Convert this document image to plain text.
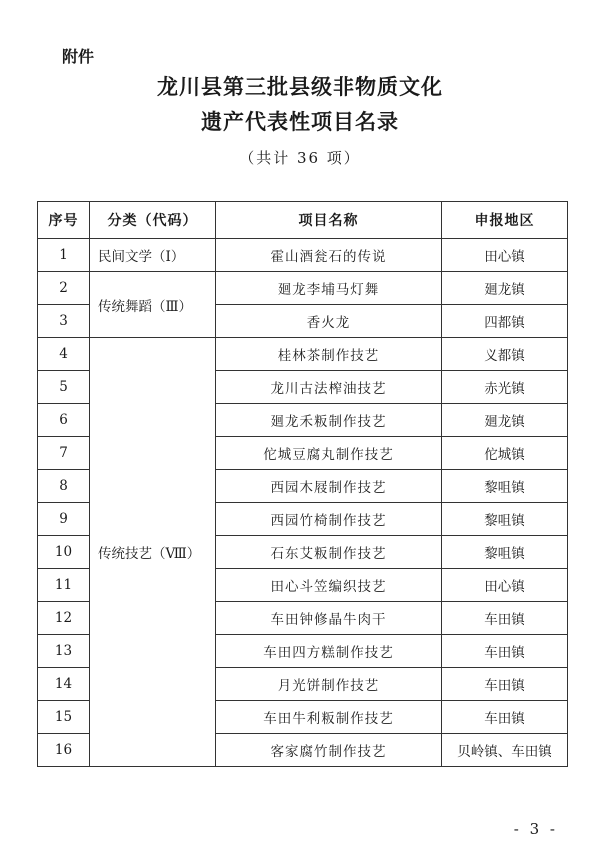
附件
龙川县第三批县级非物质文化
遗产代表性项目名录
（共计 36 项）
序号	分类（代码）	项目名称	申报地区
1	民间文学（Ⅰ）	霍山酒瓮石的传说	田心镇
2	传统舞蹈（Ⅲ）	廻龙李埔马灯舞	廻龙镇
3		香火龙	四都镇
4	传统技艺（Ⅷ）	桂林茶制作技艺	义都镇
5		龙川古法榨油技艺	赤光镇
6		廻龙禾粄制作技艺	廻龙镇
7		佗城豆腐丸制作技艺	佗城镇
8		西园木屐制作技艺	黎咀镇
9		西园竹椅制作技艺	黎咀镇
10		石东艾粄制作技艺	黎咀镇
11		田心斗笠编织技艺	田心镇
12		车田钟修晶牛肉干	车田镇
13		车田四方糕制作技艺	车田镇
14		月光饼制作技艺	车田镇
15		车田牛利粄制作技艺	车田镇
16		客家腐竹制作技艺	贝岭镇、车田镇
- 3 -
